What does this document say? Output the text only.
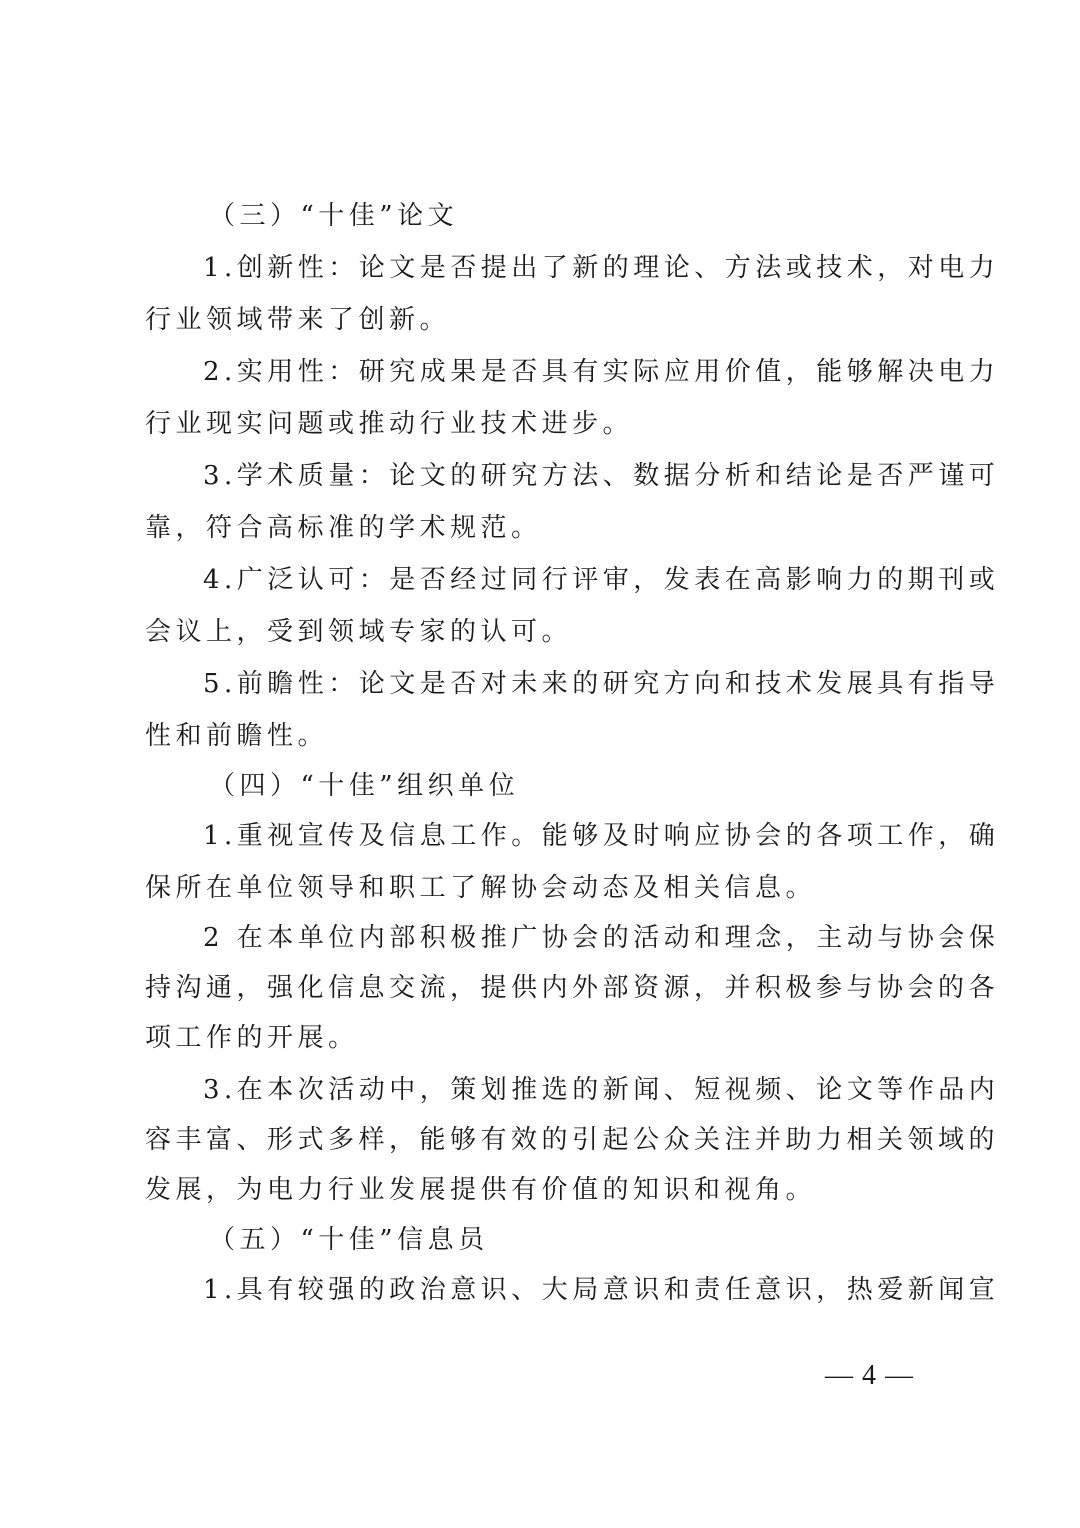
（三）“十佳”论文
1.创新性：论文是否提出了新的理论、方法或技术，对电力
行业领域带来了创新。
2.实用性：研究成果是否具有实际应用价值，能够解决电力
行业现实问题或推动行业技术进步。
3.学术质量：论文的研究方法、数据分析和结论是否严谨可
靠，符合高标准的学术规范。
4.广泛认可：是否经过同行评审，发表在高影响力的期刊或
会议上，受到领域专家的认可。
5.前瞻性：论文是否对未来的研究方向和技术发展具有指导
性和前瞻性。
（四）“十佳”组织单位
1.重视宣传及信息工作。能够及时响应协会的各项工作，确
保所在单位领导和职工了解协会动态及相关信息。
2 在本单位内部积极推广协会的活动和理念，主动与协会保
持沟通，强化信息交流，提供内外部资源，并积极参与协会的各
项工作的开展。
3.在本次活动中，策划推选的新闻、短视频、论文等作品内
容丰富、形式多样，能够有效的引起公众关注并助力相关领域的
发展，为电力行业发展提供有价值的知识和视角。
（五）“十佳”信息员
1.具有较强的政治意识、大局意识和责任意识，热爱新闻宣
— 4 —
